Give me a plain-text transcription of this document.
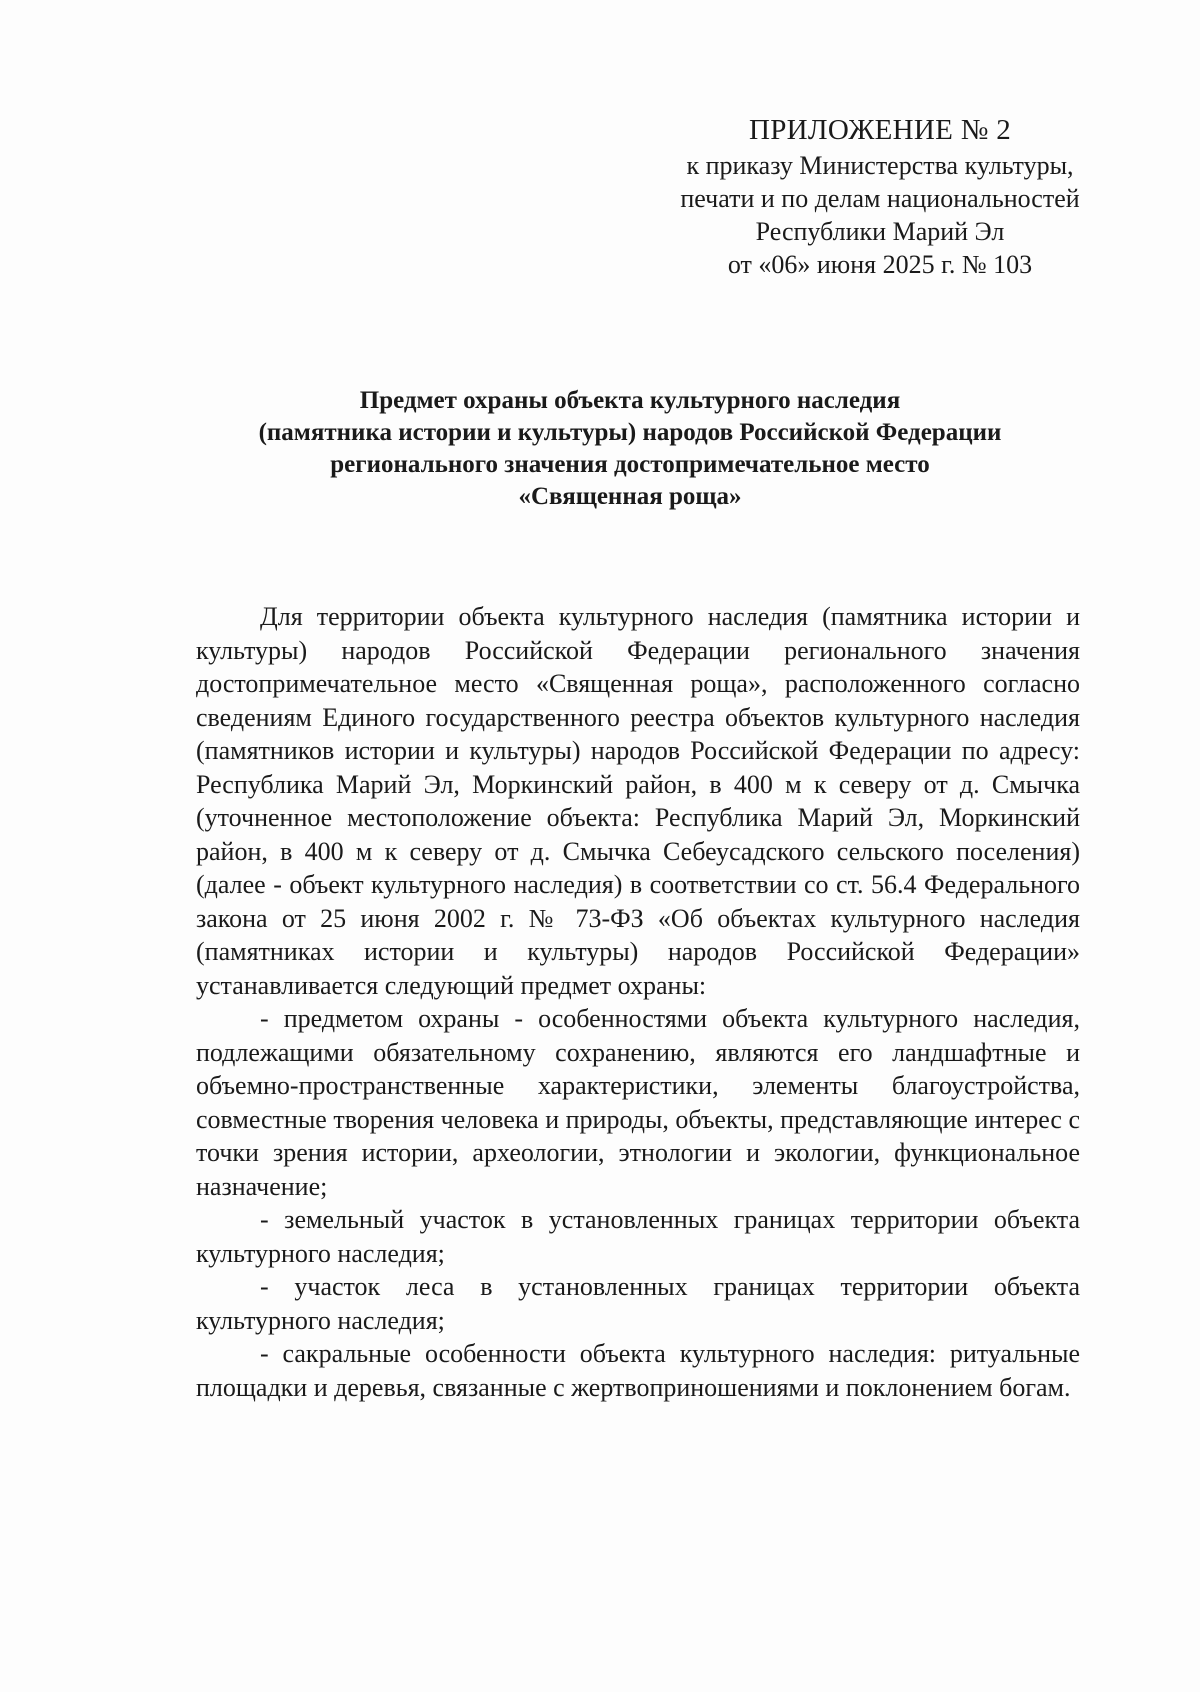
ПРИЛОЖЕНИЕ № 2
к приказу Министерства культуры,
печати и по делам национальностей
Республики Марий Эл
от «06» июня 2025 г. № 103
Предмет охраны объекта культурного наследия
(памятника истории и культуры) народов Российской Федерации
регионального значения достопримечательное место
«Священная роща»

Для территории объекта культурного наследия (памятника истории и культуры) народов Российской Федерации регионального значения достопримечательное место «Священная роща», расположенного согласно сведениям Единого государственного реестра объектов культурного наследия (памятников истории и культуры) народов Российской Федерации по адресу: Республика Марий Эл, Моркинский район, в 400 м к северу от д. Смычка (уточненное местоположение объекта: Республика Марий Эл, Моркинский район, в 400 м к северу от д. Смычка Себеусадского сельского поселения) (далее - объект культурного наследия) в соответствии со ст. 56.4 Федерального закона от 25 июня 2002 г. № 73-ФЗ «Об объектах культурного наследия (памятниках истории и культуры) народов Российской Федерации» устанавливается следующий предмет охраны:

- предметом охраны - особенностями объекта культурного наследия, подлежащими обязательному сохранению, являются его ландшафтные и объемно-пространственные характеристики, элементы благоустройства, совместные творения человека и природы, объекты, представляющие интерес с точки зрения истории, археологии, этнологии и экологии, функциональное назначение;

- земельный участок в установленных границах территории объекта культурного наследия;

- участок леса в установленных границах территории объекта культурного наследия;

- сакральные особенности объекта культурного наследия: ритуальные площадки и деревья, связанные с жертвоприношениями и поклонением богам.
